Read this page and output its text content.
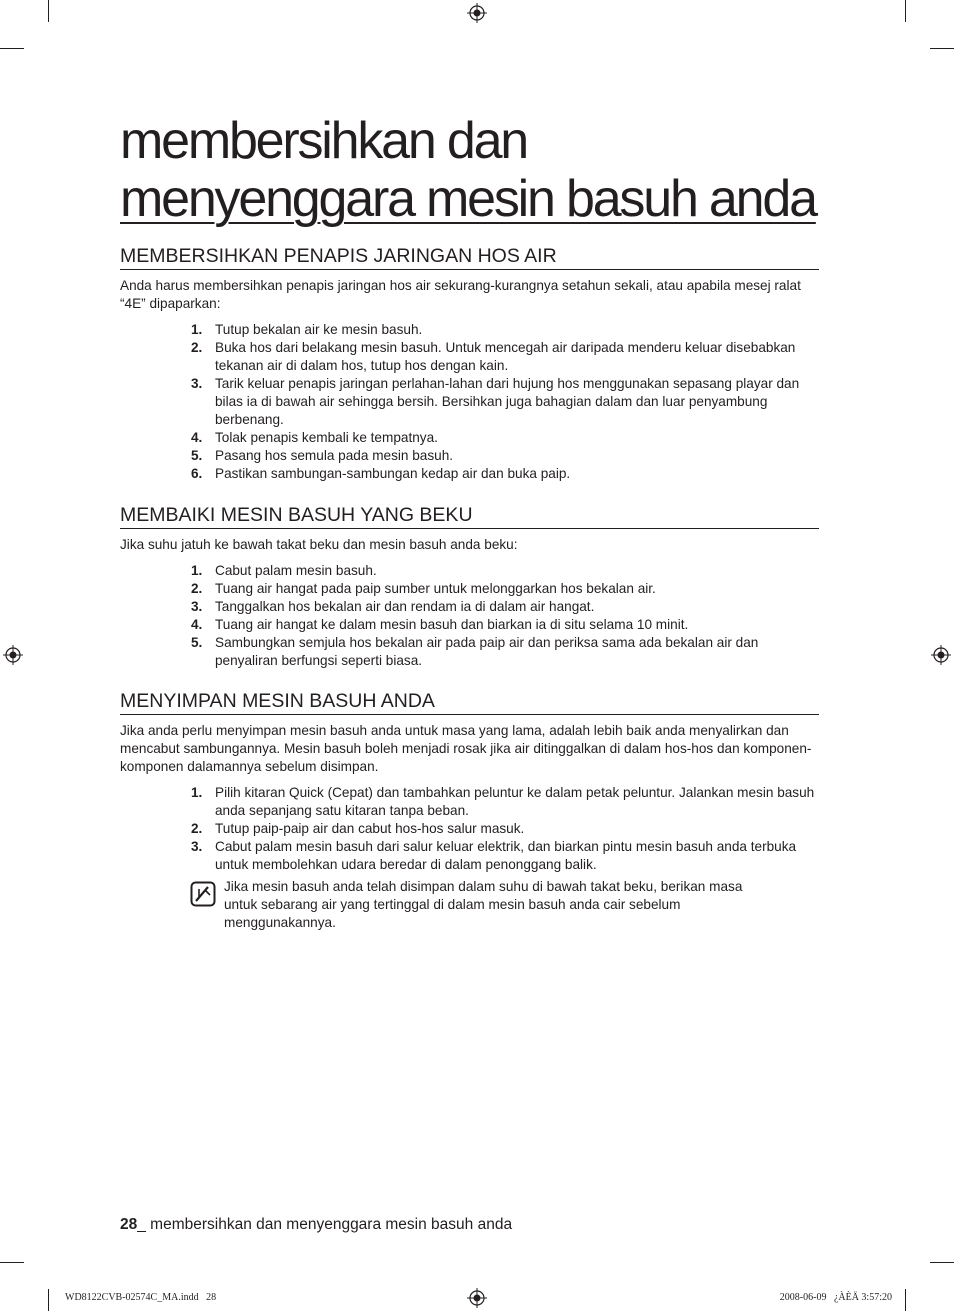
membersihkan dan
menyenggara mesin basuh anda
MEMBERSIHKAN PENAPIS JARINGAN HOS AIR
Anda harus membersihkan penapis jaringan hos air sekurang-kurangnya setahun sekali, atau apabila mesej ralat “4E” dipaparkan:
1. Tutup bekalan air ke mesin basuh.
2. Buka hos dari belakang mesin basuh. Untuk mencegah air daripada menderu keluar disebabkan tekanan air di dalam hos, tutup hos dengan kain.
3. Tarik keluar penapis jaringan perlahan-lahan dari hujung hos menggunakan sepasang playar dan bilas ia di bawah air sehingga bersih. Bersihkan juga bahagian dalam dan luar penyambung berbenang.
4. Tolak penapis kembali ke tempatnya.
5. Pasang hos semula pada mesin basuh.
6. Pastikan sambungan-sambungan kedap air dan buka paip.
MEMBAIKI MESIN BASUH YANG BEKU
Jika suhu jatuh ke bawah takat beku dan mesin basuh anda beku:
1. Cabut palam mesin basuh.
2. Tuang air hangat pada paip sumber untuk melonggarkan hos bekalan air.
3. Tanggalkan hos bekalan air dan rendam ia di dalam air hangat.
4. Tuang air hangat ke dalam mesin basuh dan biarkan ia di situ selama 10 minit.
5. Sambungkan semjula hos bekalan air pada paip air dan periksa sama ada bekalan air dan penyaliran berfungsi seperti biasa.
MENYIMPAN MESIN BASUH ANDA
Jika anda perlu menyimpan mesin basuh anda untuk masa yang lama, adalah lebih baik anda menyalirkan dan mencabut sambungannya. Mesin basuh boleh menjadi rosak jika air ditinggalkan di dalam hos-hos dan komponen-komponen dalamannya sebelum disimpan.
1. Pilih kitaran Quick (Cepat) dan tambahkan peluntur ke dalam petak peluntur. Jalankan mesin basuh anda sepanjang satu kitaran tanpa beban.
2. Tutup paip-paip air dan cabut hos-hos salur masuk.
3. Cabut palam mesin basuh dari salur keluar elektrik, dan biarkan pintu mesin basuh anda terbuka untuk membolehkan udara beredar di dalam penonggang balik.
Jika mesin basuh anda telah disimpan dalam suhu di bawah takat beku, berikan masa untuk sebarang air yang tertinggal di dalam mesin basuh anda cair sebelum menggunakannya.
28_ membersihkan dan menyenggara mesin basuh anda
WD8122CVB-02574C_MA.indd   28	2008-06-09   ¿ÀÈÄ 3:57:20
